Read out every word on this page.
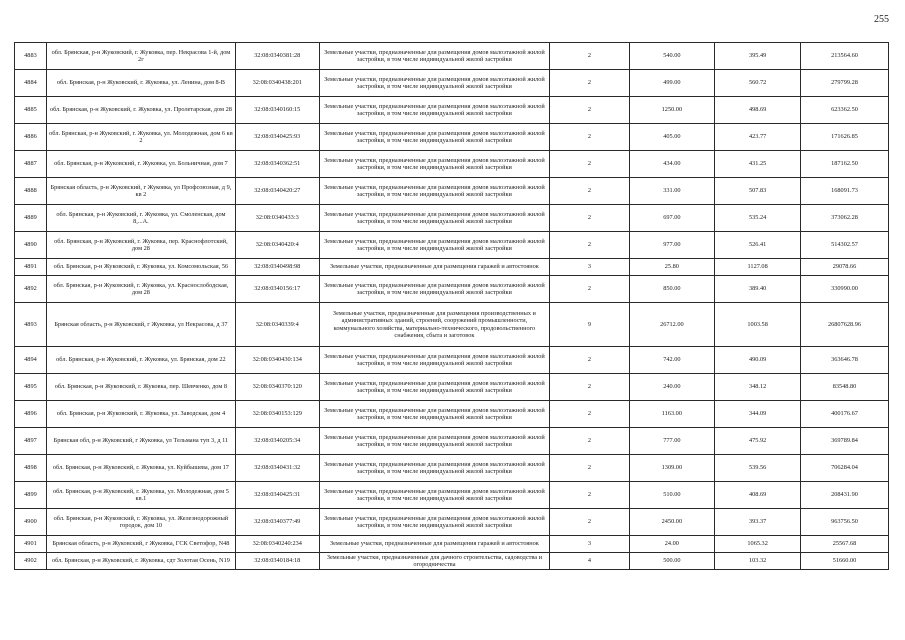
255
4883	обл. Брянская, р-н Жуковский, г. Жуковка, пер. Некрасова 1-й, дом 2г	32:08:0340381:28	Земельные участки, предназначенные для размещения домов малоэтажной жилой застройки, в том числе индивидуальной жилой застройки	2	540.00	395.49	213564.60
4884	обл. Брянская, р-н Жуковский, г. Жуковка, ул. Ленина, дом 8-В	32:08:0340438:201	Земельные участки, предназначенные для размещения домов малоэтажной жилой застройки, в том числе индивидуальной жилой застройки	2	499.00	560.72	279799.28
4885	обл. Брянская, р-н Жуковский, г. Жуковка, ул. Пролетарская, дом 28	32:08:0340160:15	Земельные участки, предназначенные для размещения домов малоэтажной жилой застройки, в том числе индивидуальной жилой застройки	2	1250.00	498.69	623362.50
4886	обл. Брянская, р-н Жуковский, г. Жуковка, ул. Молодежная, дом 6 кв 2	32:08:0340425:93	Земельные участки, предназначенные для размещения домов малоэтажной жилой застройки, в том числе индивидуальной жилой застройки	2	405.00	423.77	171626.85
4887	обл. Брянская, р-н Жуковский, г. Жуковка, ул. Больничная, дом 7	32:08:0340362:51	Земельные участки, предназначенные для размещения домов малоэтажной жилой застройки, в том числе индивидуальной жилой застройки	2	434.00	431.25	187162.50
4888	Брянская область, р-н Жуковский, г Жуковка, ул Профсоюзная, д 9, кв 2	32:08:0340420:27	Земельные участки, предназначенные для размещения домов малоэтажной жилой застройки, в том числе индивидуальной жилой застройки	2	331.00	507.83	168091.73
4889	обл. Брянская, р-н Жуковский, г. Жуковка, ул. Смоленская, дом 8,...А.	32:08:0340433:3	Земельные участки, предназначенные для размещения домов малоэтажной жилой застройки, в том числе индивидуальной жилой застройки	2	697.00	535.24	373062.28
4890	обл. Брянская, р-н Жуковский, г. Жуковка, пер. Краснофлотский, дом 28	32:08:0340420:4	Земельные участки, предназначенные для размещения домов малоэтажной жилой застройки, в том числе индивидуальной жилой застройки	2	977.00	526.41	514302.57
4891	обл. Брянская, р-н Жуковский, г. Жуковка, ул. Комсомольская, 56	32:08:0340498:98	Земельные участки, предназначенные для размещения гаражей и автостоянок	3	25.80	1127.08	29078.66
4892	обл. Брянская, р-н Жуковский, г. Жуковка, ул. Краснослободская, дом 28	32:08:0340156:17	Земельные участки, предназначенные для размещения домов малоэтажной жилой застройки, в том числе индивидуальной жилой застройки	2	850.00	389.40	330990.00
4893	Брянская область, р-н Жуковский, г Жуковка, ул Некрасова, д 37	32:08:0340339:4	Земельные участки, предназначенные для размещения производственных и административных зданий, строений, сооружений промышленности, коммунального хозяйства, материально-технического, продовольственного снабжения, сбыта и заготовок	9	26712.00	1003.58	26807628.96
4894	обл. Брянская, р-н Жуковский, г. Жуковка, ул. Брянская, дом 22	32:08:0340430:134	Земельные участки, предназначенные для размещения домов малоэтажной жилой застройки, в том числе индивидуальной жилой застройки	2	742.00	490.09	363646.78
4895	обл. Брянская, р-н Жуковский, г. Жуковка, пер. Шевченко, дом 8	32:08:0340370:120	Земельные участки, предназначенные для размещения домов малоэтажной жилой застройки, в том числе индивидуальной жилой застройки	2	240.00	348.12	83548.80
4896	обл. Брянская, р-н Жуковский, г. Жуковка, ул. Заводская, дом 4	32:08:0340153:129	Земельные участки, предназначенные для размещения домов малоэтажной жилой застройки, в том числе индивидуальной жилой застройки	2	1163.00	344.09	400176.67
4897	Брянская обл, р-н Жуковский, г Жуковка, ул Тельмана туп 3, д 11	32:08:0340205:34	Земельные участки, предназначенные для размещения домов малоэтажной жилой застройки, в том числе индивидуальной жилой застройки	2	777.00	475.92	369789.84
4898	обл. Брянская, р-н Жуковский, г. Жуковка, ул. Куйбышева, дом 17	32:08:0340431:32	Земельные участки, предназначенные для размещения домов малоэтажной жилой застройки, в том числе индивидуальной жилой застройки	2	1309.00	539.56	706284.04
4899	обл. Брянская, р-н Жуковский, г. Жуковка, ул. Молодежная, дом 5 кв.1	32:08:0340425:31	Земельные участки, предназначенные для размещения домов малоэтажной жилой застройки, в том числе индивидуальной жилой застройки	2	510.00	408.69	208431.90
4900	обл. Брянская, р-н Жуковский, г. Жуковка, ул. Железнодорожный городок, дом 10	32:08:0340377:49	Земельные участки, предназначенные для размещения домов малоэтажной жилой застройки, в том числе индивидуальной жилой застройки	2	2450.00	393.37	963756.50
4901	Брянская область, р-н Жуковский, г Жуковка, ГСК Светофор, N48	32:08:0340240:234	Земельные участки, предназначенные для размещения гаражей и автостоянок	3	24.00	1065.32	25567.68
4902	обл. Брянская, р-н Жуковский, г. Жуковка, сдт Золотая Осень, N19	32:08:0340184:18	Земельные участки, предназначенные для дачного строительства, садоводства и огородничества	4	500.00	103.32	51660.00
